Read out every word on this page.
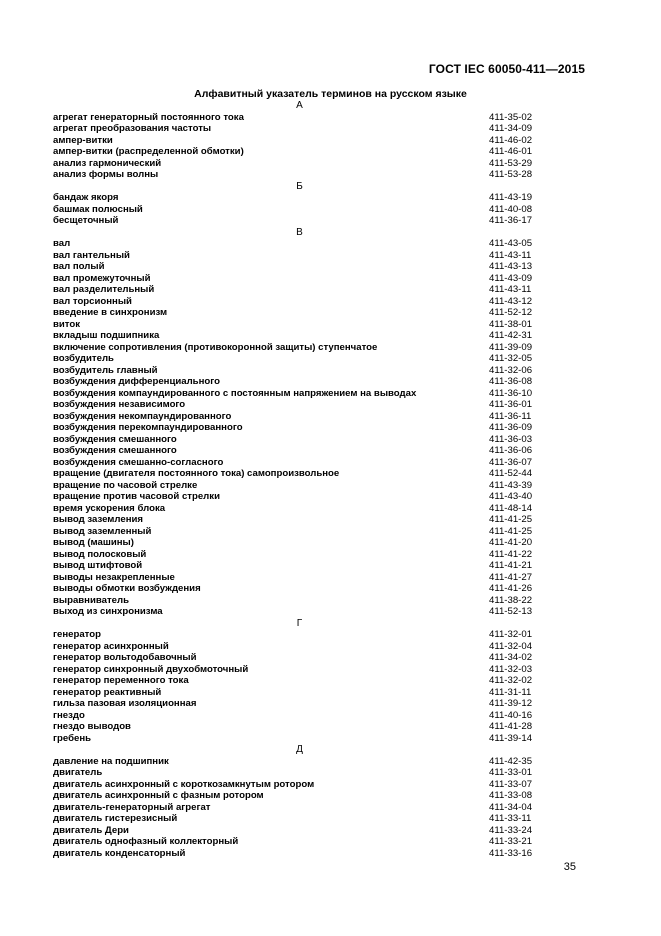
ГОСТ IEC 60050-411—2015
Алфавитный указатель терминов на русском языке
А
агрегат генераторный постоянного тока	411-35-02
агрегат преобразования частоты	411-34-09
ампер-витки	411-46-02
ампер-витки (распределенной обмотки)	411-46-01
анализ гармонический	411-53-29
анализ формы волны	411-53-28
Б
бандаж якоря	411-43-19
башмак полюсный	411-40-08
бесщеточный	411-36-17
В
вал	411-43-05
вал гантельный	411-43-11
вал полый	411-43-13
вал промежуточный	411-43-09
вал разделительный	411-43-11
вал торсионный	411-43-12
введение в синхронизм	411-52-12
виток	411-38-01
вкладыш подшипника	411-42-31
включение сопротивления (противокоронной защиты) ступенчатое	411-39-09
возбудитель	411-32-05
возбудитель главный	411-32-06
возбуждения дифференциального	411-36-08
возбуждения компаундированного с постоянным напряжением на выводах	411-36-10
возбуждения независимого	411-36-01
возбуждения некомпаундированного	411-36-11
возбуждения перекомпаундированного	411-36-09
возбуждения смешанного	411-36-03
возбуждения смешанного	411-36-06
возбуждения смешанно-согласного	411-36-07
вращение (двигателя постоянного тока) самопроизвольное	411-52-44
вращение по часовой стрелке	411-43-39
вращение против часовой стрелки	411-43-40
время ускорения блока	411-48-14
вывод заземления	411-41-25
вывод заземленный	411-41-25
вывод (машины)	411-41-20
вывод полосковый	411-41-22
вывод штифтовой	411-41-21
выводы незакрепленные	411-41-27
выводы обмотки возбуждения	411-41-26
выравниватель	411-38-22
выход из синхронизма	411-52-13
Г
генератор	411-32-01
генератор асинхронный	411-32-04
генератор вольтодобавочный	411-34-02
генератор синхронный двухобмоточный	411-32-03
генератор переменного тока	411-32-02
генератор реактивный	411-31-11
гильза пазовая изоляционная	411-39-12
гнездо	411-40-16
гнездо выводов	411-41-28
гребень	411-39-14
Д
давление на подшипник	411-42-35
двигатель	411-33-01
двигатель асинхронный с короткозамкнутым ротором	411-33-07
двигатель асинхронный с фазным ротором	411-33-08
двигатель-генераторный агрегат	411-34-04
двигатель гистерезисный	411-33-11
двигатель Дери	411-33-24
двигатель однофазный коллекторный	411-33-21
двигатель конденсаторный	411-33-16
35
